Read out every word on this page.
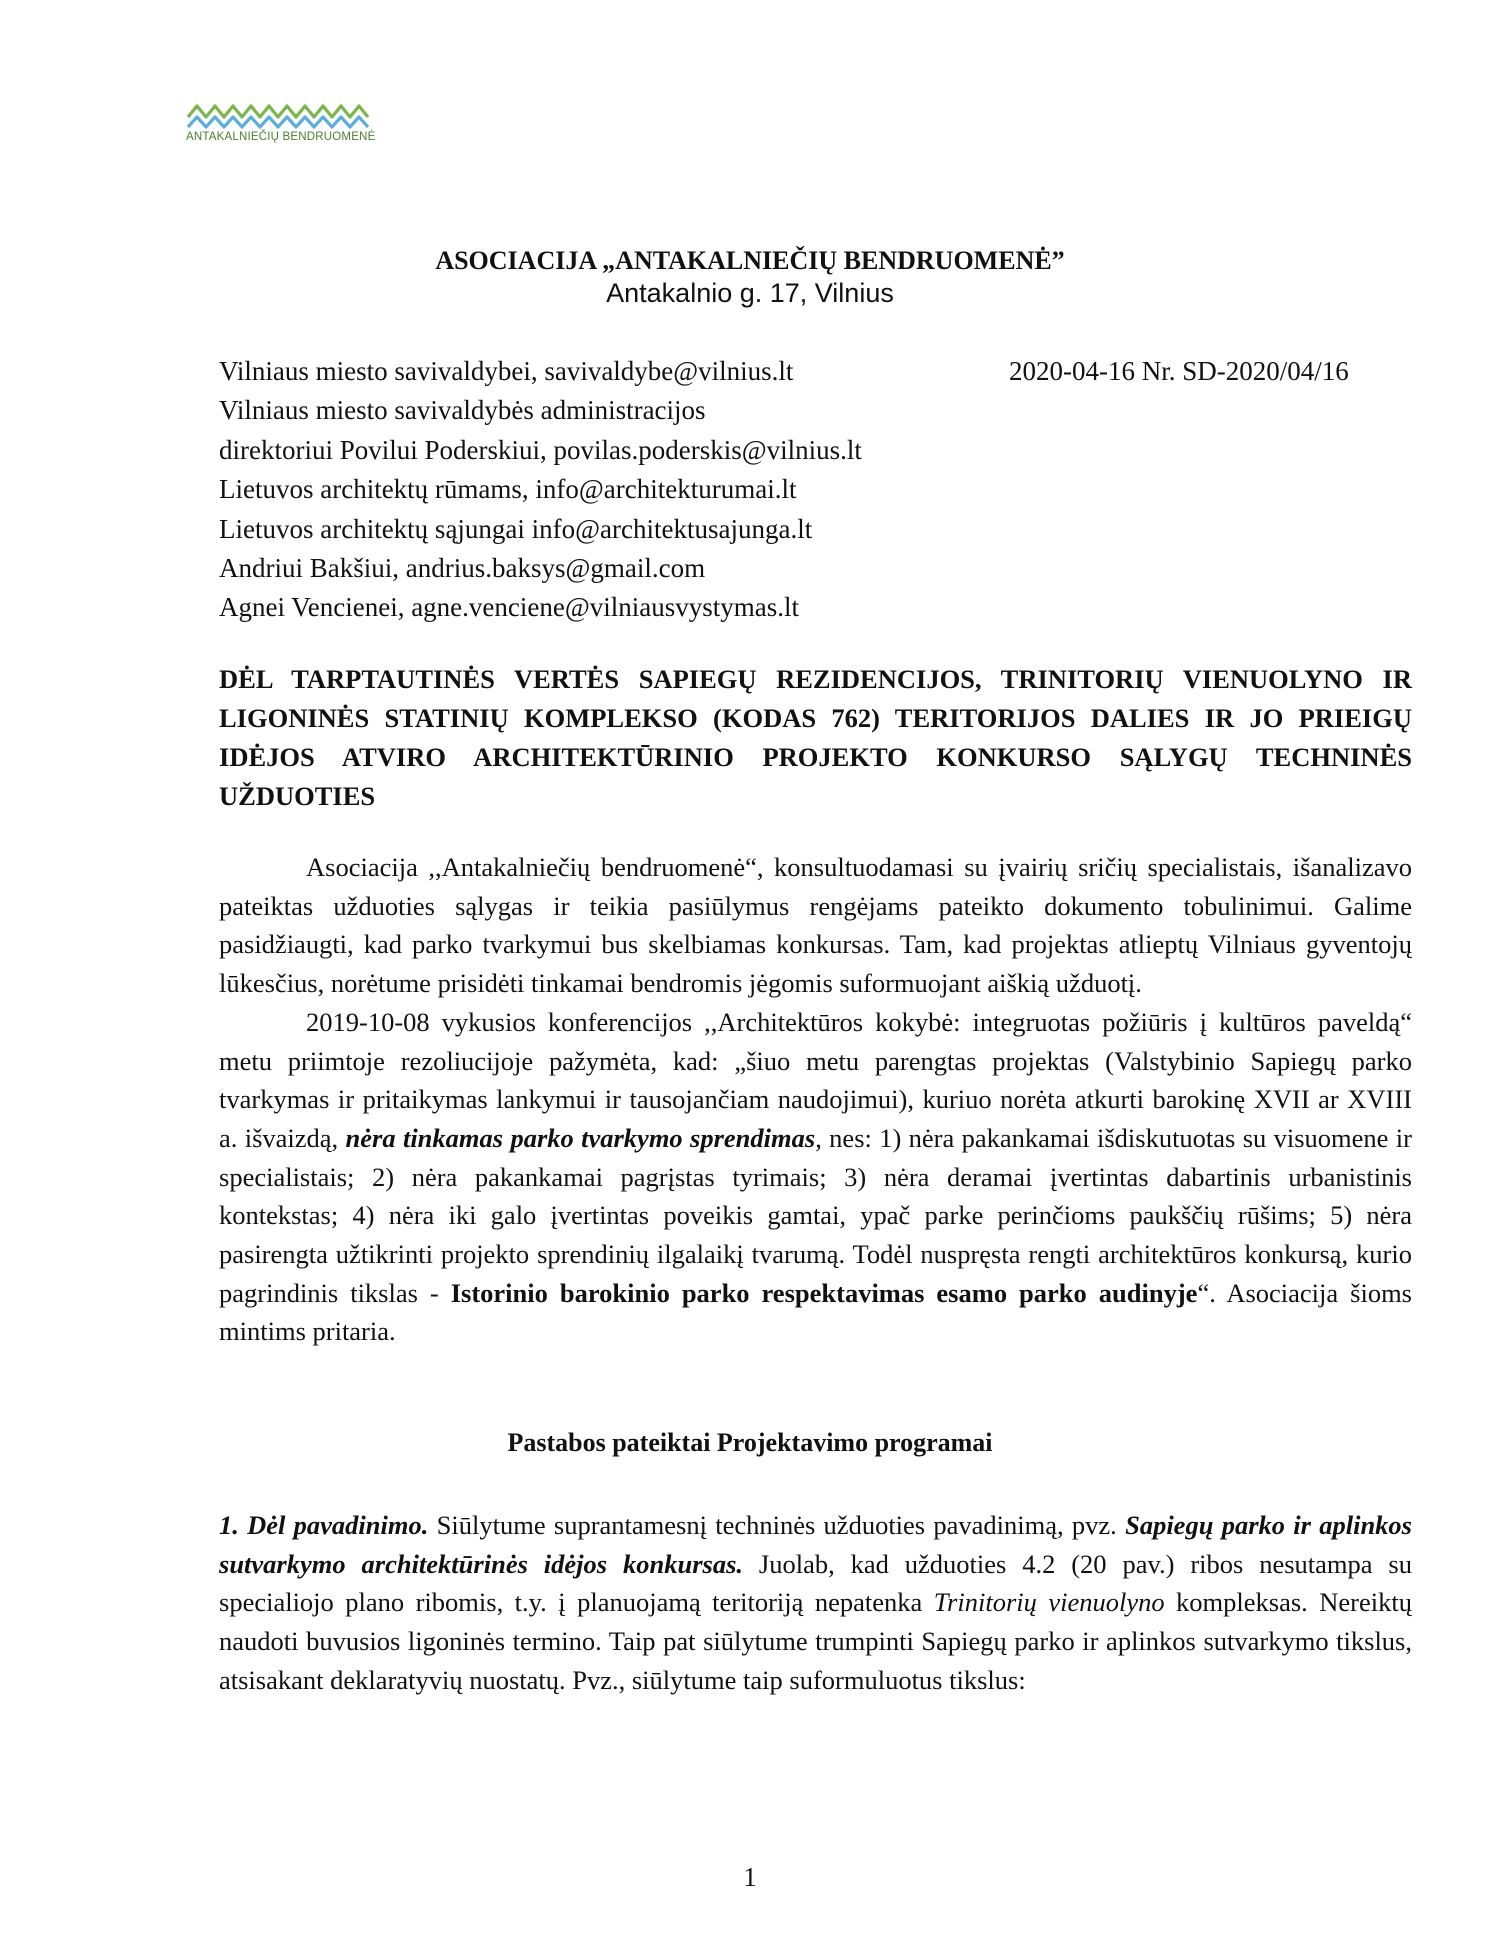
ANTAKALNIEČIŲ BENDRUOMENĖ
ASOCIACIJA „ANTAKALNIEČIŲ BENDRUOMENĖ”
Antakalnio g. 17, Vilnius
Vilniaus miesto savivaldybei, savivaldybe@vilnius.lt
Vilniaus miesto savivaldybės administracijos
direktoriui Povilui Poderskiui, povilas.poderskis@vilnius.lt
Lietuvos architektų rūmams, info@architekturumai.lt
Lietuvos architektų sąjungai info@architektusajunga.lt
Andriui Bakšiui, andrius.baksys@gmail.com
Agnei Vencienei, agne.venciene@vilniausvystymas.lt
2020-04-16 Nr. SD-2020/04/16
DĖL TARPTAUTINĖS VERTĖS SAPIEGŲ REZIDENCIJOS, TRINITORIŲ VIENUOLYNO IR LIGONINĖS STATINIŲ KOMPLEKSO (KODAS 762) TERITORIJOS DALIES IR JO PRIEIGŲ IDĖJOS ATVIRO ARCHITEKTŪRINIO PROJEKTO KONKURSO SĄLYGŲ TECHNINĖS UŽDUOTIES

Asociacija ,,Antakalniečių bendruomenė“, konsultuodamasi su įvairių sričių specialistais, išanalizavo pateiktas užduoties sąlygas ir teikia pasiūlymus rengėjams pateikto dokumento tobulinimui. Galime pasidžiaugti, kad parko tvarkymui bus skelbiamas konkursas. Tam, kad projektas atlieptų Vilniaus gyventojų lūkesčius, norėtume prisidėti tinkamai bendromis jėgomis suformuojant aiškią užduotį.

2019-10-08 vykusios konferencijos ,,Architektūros kokybė: integruotas požiūris į kultūros paveldą“ metu priimtoje rezoliucijoje pažymėta, kad: „šiuo metu parengtas projektas (Valstybinio Sapiegų parko tvarkymas ir pritaikymas lankymui ir tausojančiam naudojimui), kuriuo norėta atkurti barokinę XVII ar XVIII a. išvaizdą, nėra tinkamas parko tvarkymo sprendimas, nes: 1) nėra pakankamai išdiskutuotas su visuomene ir specialistais; 2) nėra pakankamai pagrįstas tyrimais; 3) nėra deramai įvertintas dabartinis urbanistinis kontekstas; 4) nėra iki galo įvertintas poveikis gamtai, ypač parke perinčioms paukščių rūšims; 5) nėra pasirengta užtikrinti projekto sprendinių ilgalaikį tvarumą. Todėl nuspręsta rengti architektūros konkursą, kurio pagrindinis tikslas - Istorinio barokinio parko respektavimas esamo parko audinyje“. Asociacija šioms mintims pritaria.

Pastabos pateiktai Projektavimo programai

1. Dėl pavadinimo. Siūlytume suprantamesnį techninės užduoties pavadinimą, pvz. Sapiegų parko ir aplinkos sutvarkymo architektūrinės idėjos konkursas. Juolab, kad užduoties 4.2 (20 pav.) ribos nesutampa su specialiojo plano ribomis, t.y. į planuojamą teritoriją nepatenka Trinitorių vienuolyno kompleksas. Nereiktų naudoti buvusios ligoninės termino. Taip pat siūlytume trumpinti Sapiegų parko ir aplinkos sutvarkymo tikslus, atsisakant deklaratyvių nuostatų. Pvz., siūlytume taip suformuluotus tikslus:

1
